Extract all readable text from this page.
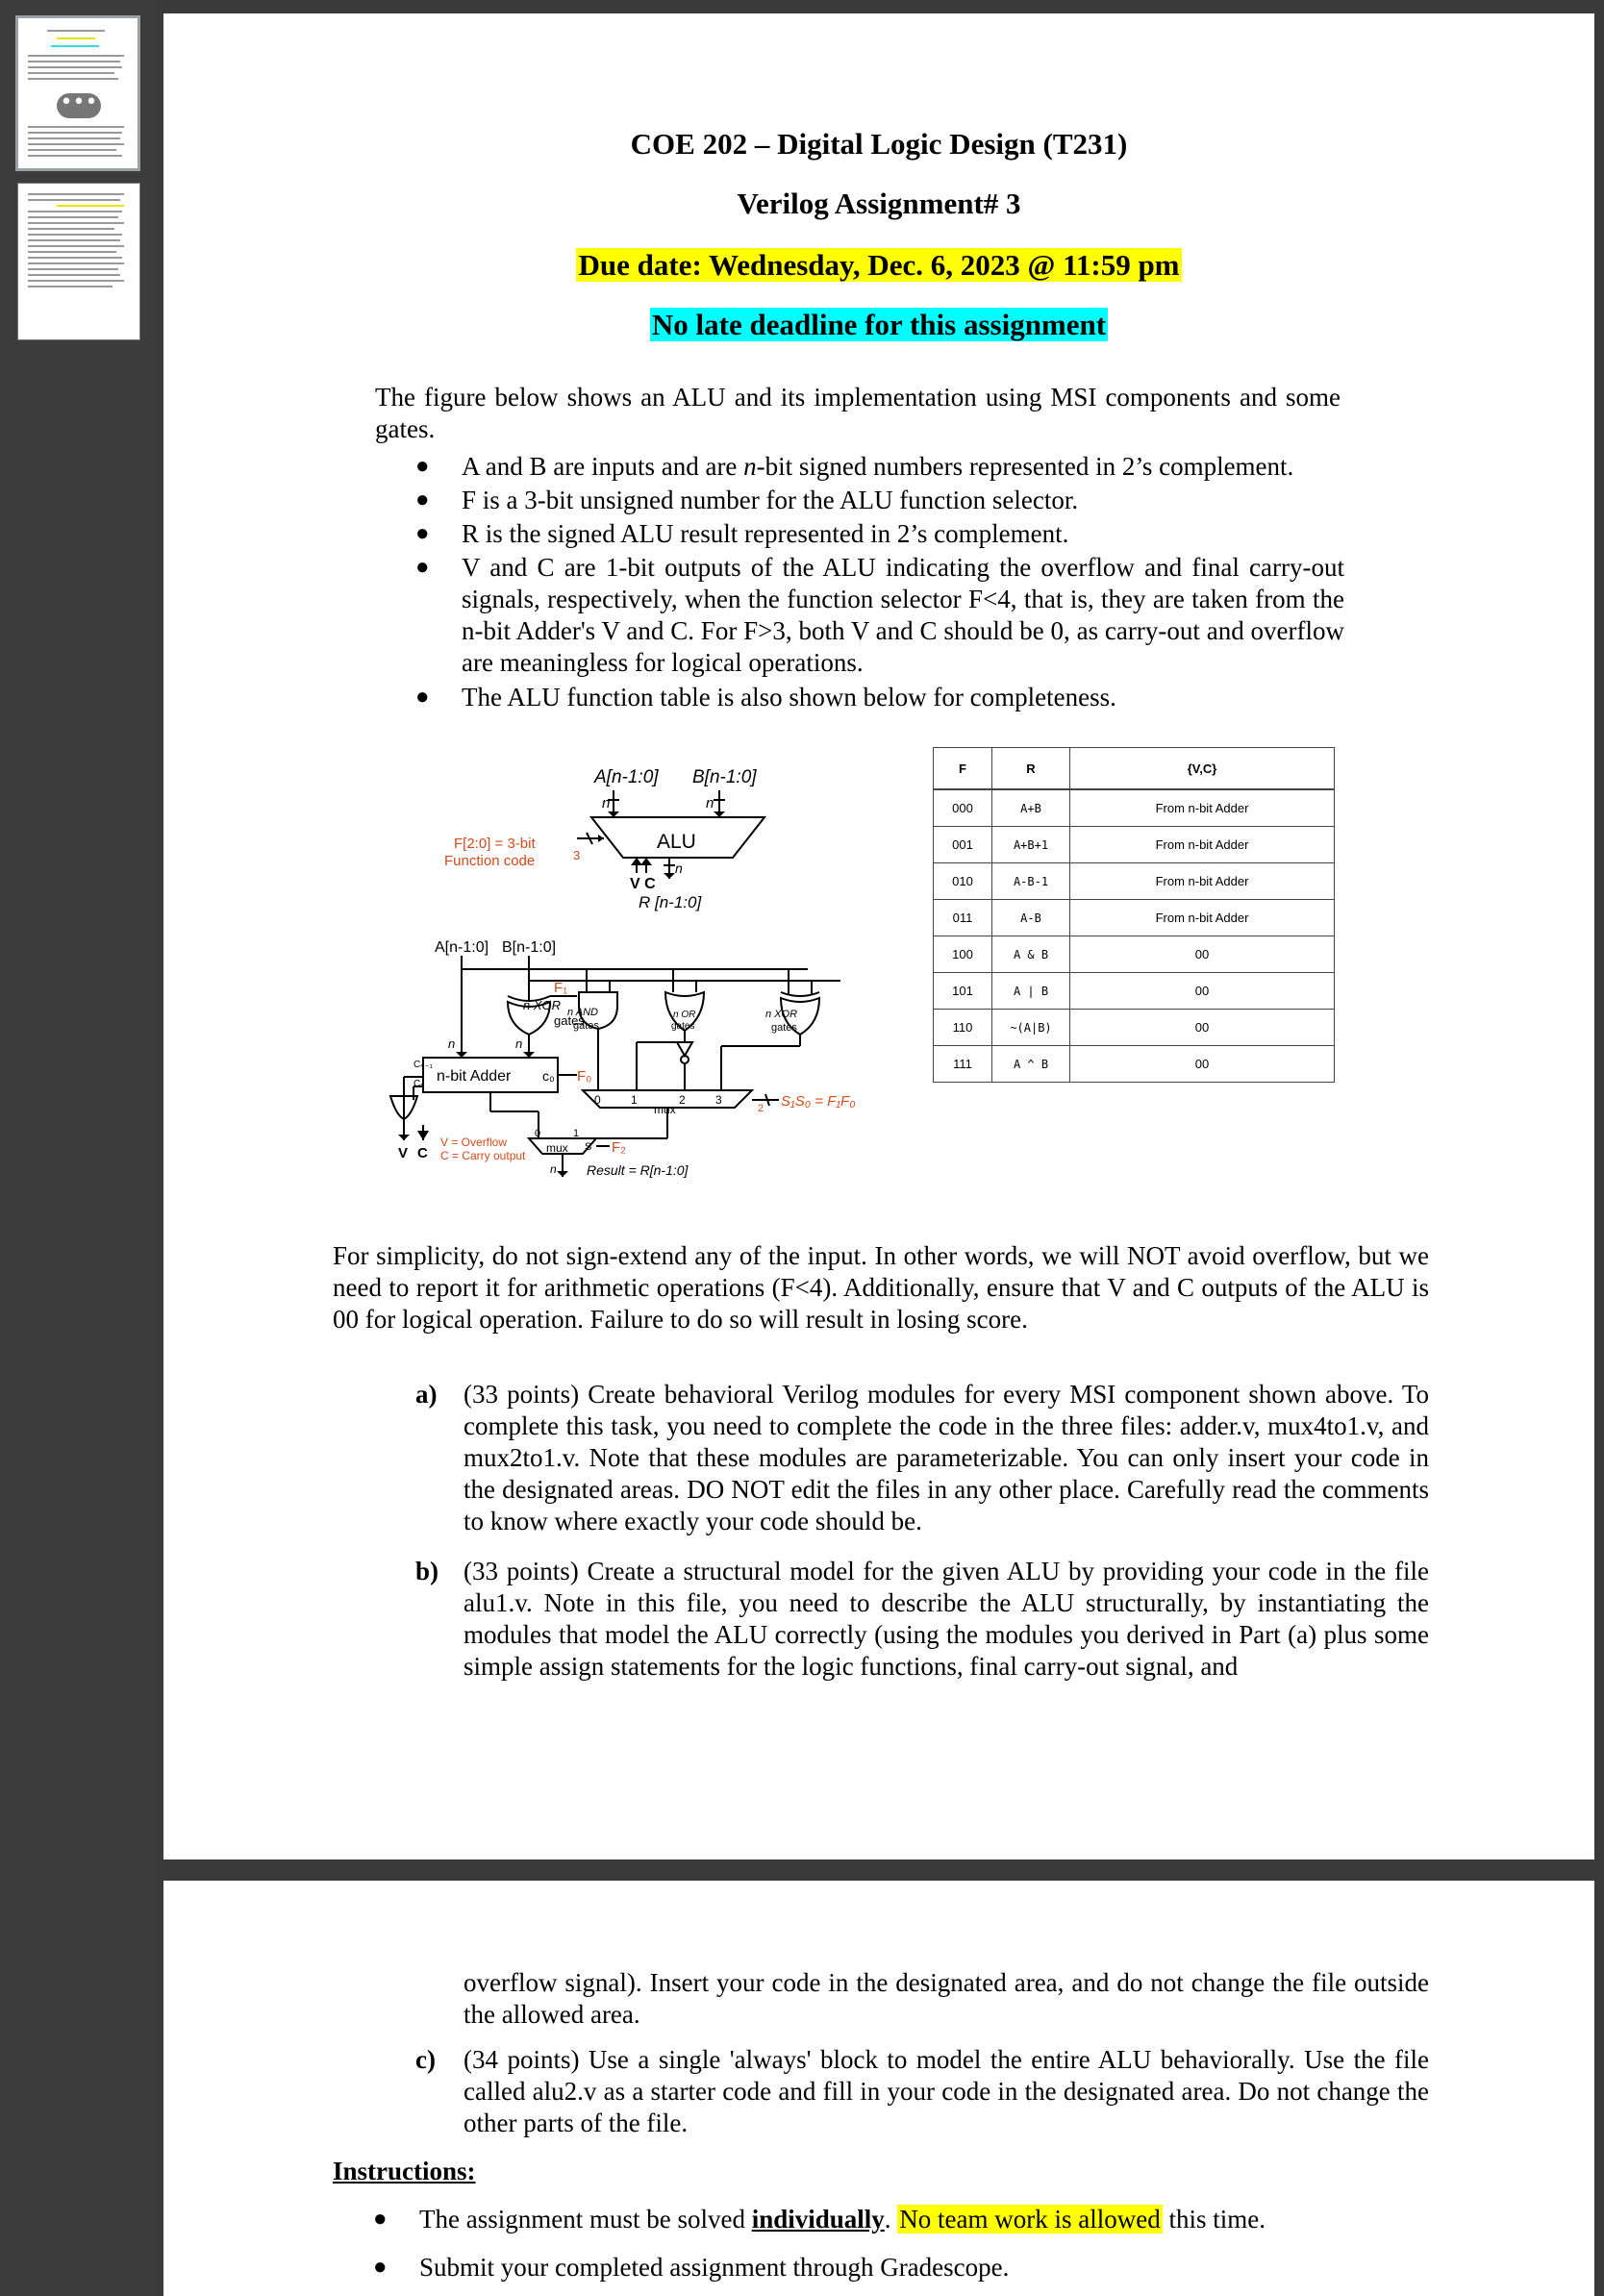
•••
COE 202 – Digital Logic Design (T231)
Verilog Assignment# 3
Due date: Wednesday, Dec. 6, 2023 @ 11:59 pm
No late deadline for this assignment
The figure below shows an ALU and its implementation using MSI components and some gates.
● A and B are inputs and are n-bit signed numbers represented in 2’s complement.
● F is a 3-bit unsigned number for the ALU function selector.
● R is the signed ALU result represented in 2’s complement.
● V and C are 1-bit outputs of the ALU indicating the overflow and final carry-out signals, respectively, when the function selector F<4, that is, they are taken from the n-bit Adder's V and C. For F>3, both V and C should be 0, as carry-out and overflow are meaningless for logical operations.
● The ALU function table is also shown below for completeness.
A[n-1:0] B[n-1:0]
n	n
ALU
F[2:0] = 3-bit
Function code	3
V C
n
R [n-1:0]
A[n-1:0] B[n-1:0]
F₁
n XOR
gates
n AND
gates
n OR
gates
n XOR
gates
Cₙ₋₁
Cₙ n-bit Adder c₀ F₀
n	n
0	1	2	3
mux	2 S₁S₀ = F₁F₀
0	1
mux S F₂
n Result = R[n-1:0]
V C
V = Overflow
C = Carry output
F	R	{V,C}
000	A+B	From n-bit Adder
001	A+B+1	From n-bit Adder
010	A-B-1	From n-bit Adder
011	A-B	From n-bit Adder
100	A & B	00
101	A | B	00
110	~(A|B)	00
111	A ^ B	00
For simplicity, do not sign-extend any of the input. In other words, we will NOT avoid overflow, but we need to report it for arithmetic operations (F<4). Additionally, ensure that V and C outputs of the ALU is 00 for logical operation. Failure to do so will result in losing score.
a) (33 points) Create behavioral Verilog modules for every MSI component shown above. To complete this task, you need to complete the code in the three files: adder.v, mux4to1.v, and mux2to1.v. Note that these modules are parameterizable. You can only insert your code in the designated areas. DO NOT edit the files in any other place. Carefully read the comments to know where exactly your code should be.
b) (33 points) Create a structural model for the given ALU by providing your code in the file alu1.v. Note in this file, you need to describe the ALU structurally, by instantiating the modules that model the ALU correctly (using the modules you derived in Part (a) plus some simple assign statements for the logic functions, final carry-out signal, and
overflow signal). Insert your code in the designated area, and do not change the file outside the allowed area.
c) (34 points) Use a single 'always' block to model the entire ALU behaviorally. Use the file called alu2.v as a starter code and fill in your code in the designated area. Do not change the other parts of the file.
Instructions:
● The assignment must be solved individually. No team work is allowed this time.
● Submit your completed assignment through Gradescope.
